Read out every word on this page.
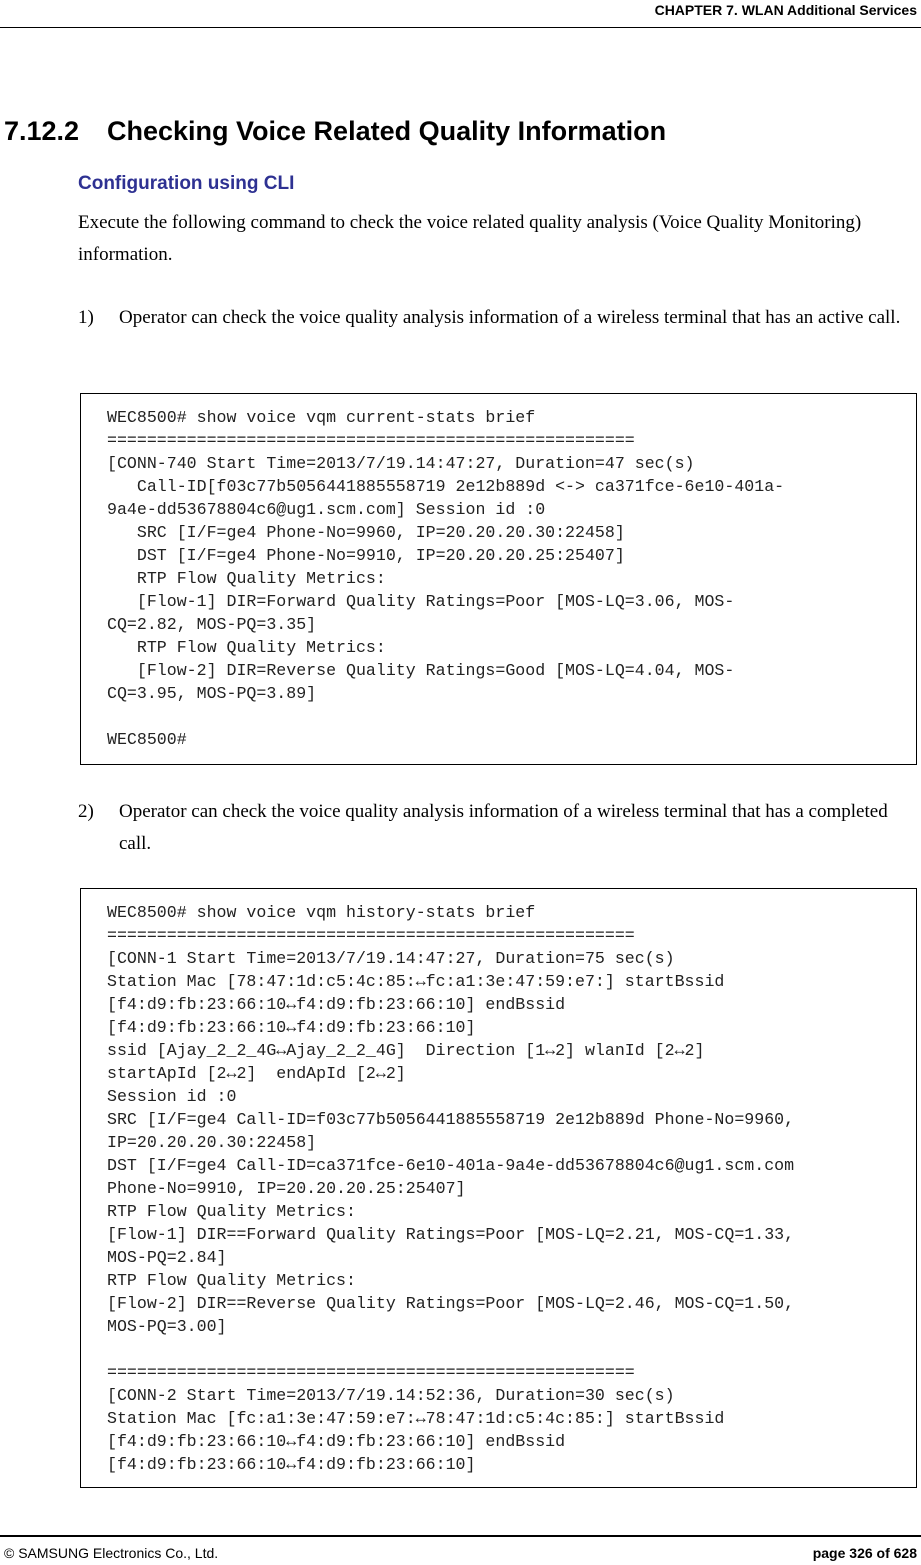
CHAPTER 7. WLAN Additional Services
7.12.2 Checking Voice Related Quality Information
Configuration using CLI
Execute the following command to check the voice related quality analysis (Voice Quality Monitoring) information.
1) Operator can check the voice quality analysis information of a wireless terminal that has an active call.
WEC8500# show voice vqm current-stats brief
=====================================================
[CONN-740 Start Time=2013/7/19.14:47:27, Duration=47 sec(s)
Call-ID[f03c77b5056441885558719 2e12b889d <-> ca371fce-6e10-401a-
9a4e-dd53678804c6@ug1.scm.com] Session id :0
SRC [I/F=ge4 Phone-No=9960, IP=20.20.20.30:22458]
DST [I/F=ge4 Phone-No=9910, IP=20.20.20.25:25407]
RTP Flow Quality Metrics:
[Flow-1] DIR=Forward Quality Ratings=Poor [MOS-LQ=3.06, MOS-
CQ=2.82, MOS-PQ=3.35]
RTP Flow Quality Metrics:
[Flow-2] DIR=Reverse Quality Ratings=Good [MOS-LQ=4.04, MOS-
CQ=3.95, MOS-PQ=3.89]

WEC8500#
2) Operator can check the voice quality analysis information of a wireless terminal that has a completed call.
WEC8500# show voice vqm history-stats brief
=====================================================
[CONN-1 Start Time=2013/7/19.14:47:27, Duration=75 sec(s)
Station Mac [78:47:1d:c5:4c:85:↔fc:a1:3e:47:59:e7:] startBssid
[f4:d9:fb:23:66:10↔f4:d9:fb:23:66:10] endBssid
[f4:d9:fb:23:66:10↔f4:d9:fb:23:66:10]
ssid [Ajay_2_2_4G↔Ajay_2_2_4G]  Direction [1↔2] wlanId [2↔2]
startApId [2↔2]  endApId [2↔2]
Session id :0
SRC [I/F=ge4 Call-ID=f03c77b5056441885558719 2e12b889d Phone-No=9960,
IP=20.20.20.30:22458]
DST [I/F=ge4 Call-ID=ca371fce-6e10-401a-9a4e-dd53678804c6@ug1.scm.com
Phone-No=9910, IP=20.20.20.25:25407]
RTP Flow Quality Metrics:
[Flow-1] DIR==Forward Quality Ratings=Poor [MOS-LQ=2.21, MOS-CQ=1.33,
MOS-PQ=2.84]
RTP Flow Quality Metrics:
[Flow-2] DIR==Reverse Quality Ratings=Poor [MOS-LQ=2.46, MOS-CQ=1.50,
MOS-PQ=3.00]

=====================================================
[CONN-2 Start Time=2013/7/19.14:52:36, Duration=30 sec(s)
Station Mac [fc:a1:3e:47:59:e7:↔78:47:1d:c5:4c:85:] startBssid
[f4:d9:fb:23:66:10↔f4:d9:fb:23:66:10] endBssid
[f4:d9:fb:23:66:10↔f4:d9:fb:23:66:10]
© SAMSUNG Electronics Co., Ltd.	page 326 of 628
